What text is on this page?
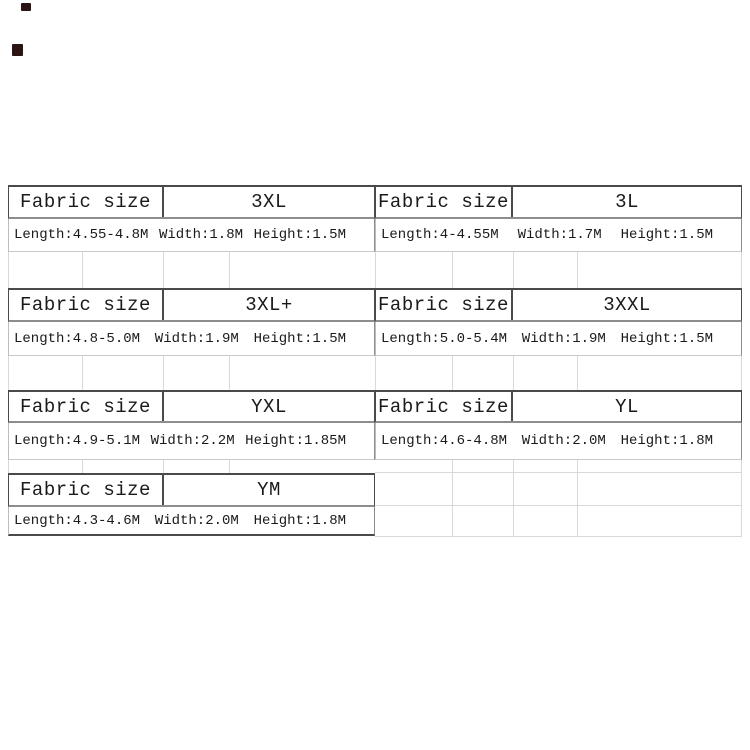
Fabric size	3XL
Length:4.55-4.8M Width:1.8M Height:1.5M
Fabric size	3L
Length:4-4.55M Width:1.7M Height:1.5M
Fabric size	3XL+
Length:4.8-5.0M Width:1.9M Height:1.5M
Fabric size	3XXL
Length:5.0-5.4M Width:1.9M Height:1.5M
Fabric size	YXL
Length:4.9-5.1M Width:2.2M Height:1.85M
Fabric size	YL
Length:4.6-4.8M Width:2.0M Height:1.8M
Fabric size	YM
Length:4.3-4.6M Width:2.0M Height:1.8M
